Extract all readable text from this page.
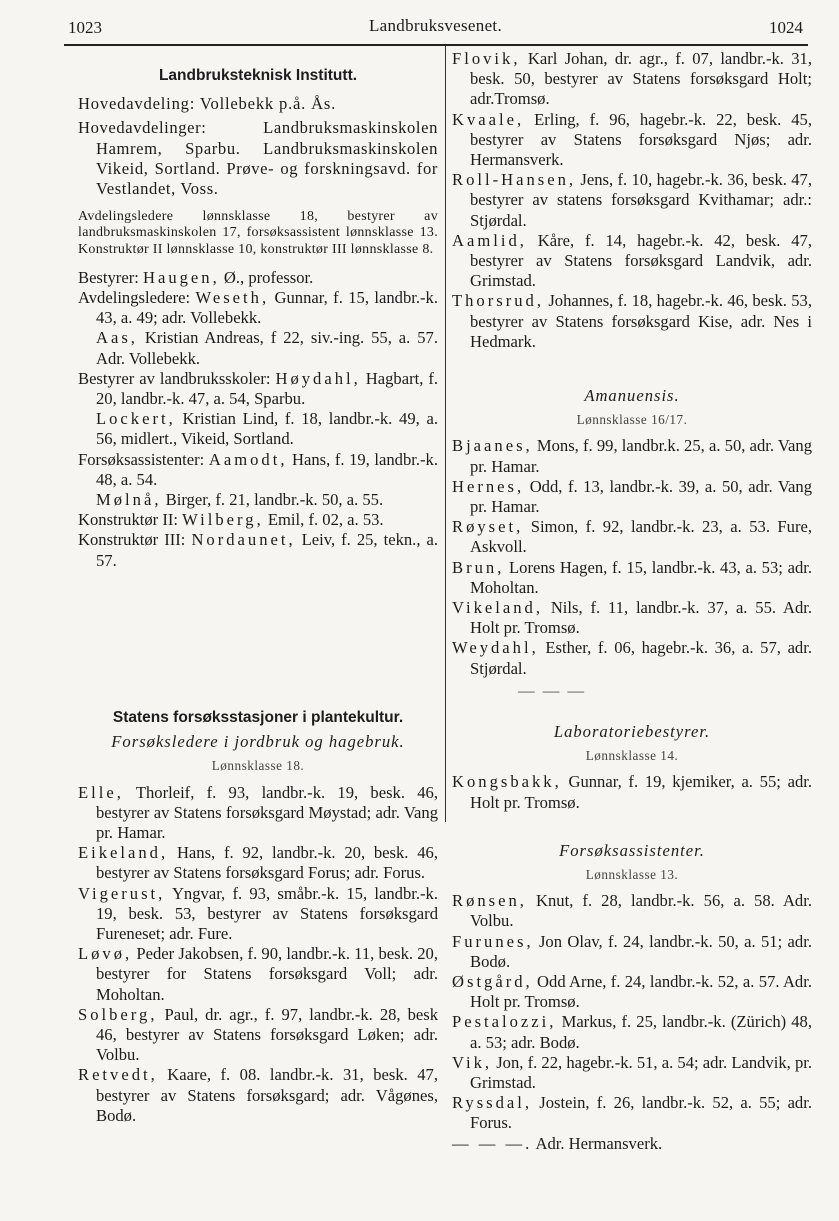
1023	Landbruksvesenet.	1024

Landbruksteknisk Institutt.

Hovedavdeling: Vollebekk p.å. Ås.

Hovedavdelinger: Landbruksmaskinskolen Hamrem, Sparbu. Landbruksmaskinskolen Vikeid, Sortland. Prøve- og forskningsavd. for Vestlandet, Voss.

Avdelingsledere lønnsklasse 18, bestyrer av landbruksmaskinskolen 17, forsøksassistent lønnsklasse 13. Konstruktør II lønnsklasse 10, konstruktør III lønnsklasse 8.

Bestyrer: Haugen, Ø., professor.

Avdelingsledere: Weseth, Gunnar, f. 15, landbr.-k. 43, a. 49; adr. Vollebekk.

Aas, Kristian Andreas, f 22, siv.-ing. 55, a. 57. Adr. Vollebekk.

Bestyrer av landbruksskoler: Høydahl, Hagbart, f. 20, landbr.-k. 47, a. 54, Sparbu.

Lockert, Kristian Lind, f. 18, landbr.-k. 49, a. 56, midlert., Vikeid, Sortland.

Forsøksassistenter: Aamodt, Hans, f. 19, landbr.-k. 48, a. 54.

Mølnå, Birger, f. 21, landbr.-k. 50, a. 55.

Konstruktør II: Wilberg, Emil, f. 02, a. 53.

Konstruktør III: Nordaunet, Leiv, f. 25, tekn., a. 57.

Statens forsøksstasjoner i plantekultur.

Forsøksledere i jordbruk og hagebruk.

Lønnsklasse 18.

Elle, Thorleif, f. 93, landbr.-k. 19, besk. 46, bestyrer av Statens forsøksgard Møystad; adr. Vang pr. Hamar.

Eikeland, Hans, f. 92, landbr.-k. 20, besk. 46, bestyrer av Statens forsøksgard Forus; adr. Forus.

Vigerust, Yngvar, f. 93, småbr.-k. 15, landbr.-k. 19, besk. 53, bestyrer av Statens forsøksgard Fureneset; adr. Fure.

Løvø, Peder Jakobsen, f. 90, landbr.-k. 11, besk. 20, bestyrer for Statens forsøksgard Voll; adr. Moholtan.

Solberg, Paul, dr. agr., f. 97, landbr.-k. 28, besk 46, bestyrer av Statens forsøksgard Løken; adr. Volbu.

Retvedt, Kaare, f. 08. landbr.-k. 31, besk. 47, bestyrer av Statens forsøksgard; adr. Vågønes, Bodø.

Flovik, Karl Johan, dr. agr., f. 07, landbr.-k. 31, besk. 50, bestyrer av Statens forsøksgard Holt; adr.Tromsø.

Kvaale, Erling, f. 96, hagebr.-k. 22, besk. 45, bestyrer av Statens forsøksgard Njøs; adr. Hermansverk.

Roll-Hansen, Jens, f. 10, hagebr.-k. 36, besk. 47, bestyrer av statens forsøksgard Kvithamar; adr.: Stjørdal.

Aamlid, Kåre, f. 14, hagebr.-k. 42, besk. 47, bestyrer av Statens forsøksgard Landvik, adr. Grimstad.

Thorsrud, Johannes, f. 18, hagebr.-k. 46, besk. 53, bestyrer av Statens forsøksgard Kise, adr. Nes i Hedmark.

Amanuensis.

Lønnsklasse 16/17.

Bjaanes, Mons, f. 99, landbr.k. 25, a. 50, adr. Vang pr. Hamar.

Hernes, Odd, f. 13, landbr.-k. 39, a. 50, adr. Vang pr. Hamar.

Røyset, Simon, f. 92, landbr.-k. 23, a. 53. Fure, Askvoll.

Brun, Lorens Hagen, f. 15, landbr.-k. 43, a. 53; adr. Moholtan.

Vikeland, Nils, f. 11, landbr.-k. 37, a. 55. Adr. Holt pr. Tromsø.

Weydahl, Esther, f. 06, hagebr.-k. 36, a. 57, adr. Stjørdal.

— — —

Laboratoriebestyrer.

Lønnsklasse 14.

Kongsbakk, Gunnar, f. 19, kjemiker, a. 55; adr. Holt pr. Tromsø.

Forsøksassistenter.

Lønnsklasse 13.

Rønsen, Knut, f. 28, landbr.-k. 56, a. 58. Adr. Volbu.

Furunes, Jon Olav, f. 24, landbr.-k. 50, a. 51; adr. Bodø.

Østgård, Odd Arne, f. 24, landbr.-k. 52, a. 57. Adr. Holt pr. Tromsø.

Pestalozzi, Markus, f. 25, landbr.-k. (Zürich) 48, a. 53; adr. Bodø.

Vik, Jon, f. 22, hagebr.-k. 51, a. 54; adr. Landvik, pr. Grimstad.

Ryssdal, Jostein, f. 26, landbr.-k. 52, a. 55; adr. Forus.

— — —. Adr. Hermansverk.
